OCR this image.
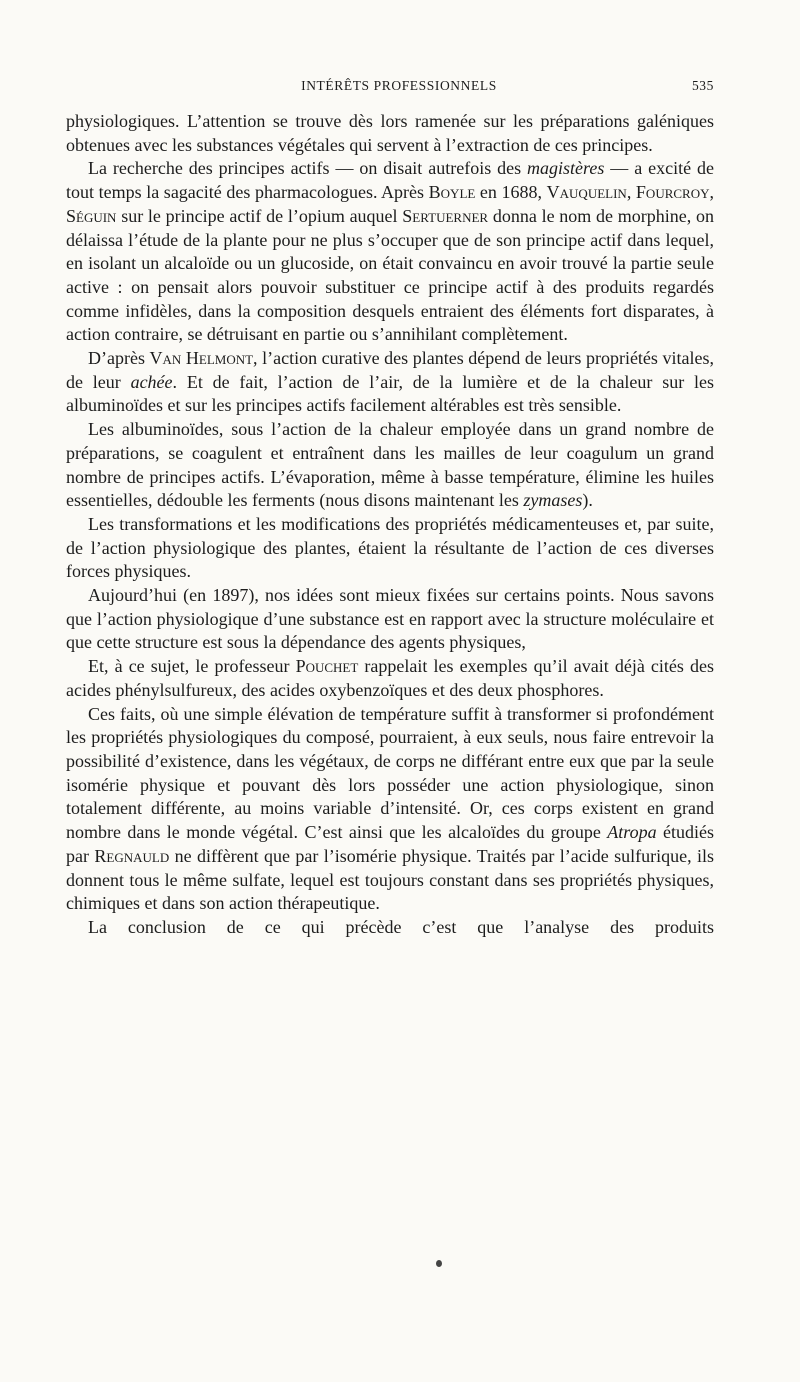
INTÉRÊTS PROFESSIONNELS	535

physiologiques. L’attention se trouve dès lors ramenée sur les préparations galéniques obtenues avec les substances végétales qui servent à l’extraction de ces principes.

La recherche des principes actifs — on disait autrefois des magistères — a excité de tout temps la sagacité des pharmacologues. Après Boyle en 1688, Vauquelin, Fourcroy, Séguin sur le principe actif de l’opium auquel Sertuerner donna le nom de morphine, on délaissa l’étude de la plante pour ne plus s’occuper que de son principe actif dans lequel, en isolant un alcaloïde ou un glucoside, on était convaincu en avoir trouvé la partie seule active : on pensait alors pouvoir substituer ce principe actif à des produits regardés comme infidèles, dans la composition desquels entraient des éléments fort disparates, à action contraire, se détruisant en partie ou s’annihilant complètement.

D’après Van Helmont, l’action curative des plantes dépend de leurs propriétés vitales, de leur achée. Et de fait, l’action de l’air, de la lumière et de la chaleur sur les albuminoïdes et sur les principes actifs facilement altérables est très sensible.

Les albuminoïdes, sous l’action de la chaleur employée dans un grand nombre de préparations, se coagulent et entraînent dans les mailles de leur coagulum un grand nombre de principes actifs. L’évaporation, même à basse température, élimine les huiles essentielles, dédouble les ferments (nous disons maintenant les zymases).

Les transformations et les modifications des propriétés médicamenteuses et, par suite, de l’action physiologique des plantes, étaient la résultante de l’action de ces diverses forces physiques.

Aujourd’hui (en 1897), nos idées sont mieux fixées sur certains points. Nous savons que l’action physiologique d’une substance est en rapport avec la structure moléculaire et que cette structure est sous la dépendance des agents physiques,

Et, à ce sujet, le professeur Pouchet rappelait les exemples qu’il avait déjà cités des acides phénylsulfureux, des acides oxybenzoïques et des deux phosphores.

Ces faits, où une simple élévation de température suffit à transformer si profondément les propriétés physiologiques du composé, pourraient, à eux seuls, nous faire entrevoir la possibilité d’existence, dans les végétaux, de corps ne différant entre eux que par la seule isomérie physique et pouvant dès lors posséder une action physiologique, sinon totalement différente, au moins variable d’intensité. Or, ces corps existent en grand nombre dans le monde végétal. C’est ainsi que les alcaloïdes du groupe Atropa étudiés par Regnauld ne diffèrent que par l’isomérie physique. Traités par l’acide sulfurique, ils donnent tous le même sulfate, lequel est toujours constant dans ses propriétés physiques, chimiques et dans son action thérapeutique.

La conclusion de ce qui précède c’est que l’analyse des produits
